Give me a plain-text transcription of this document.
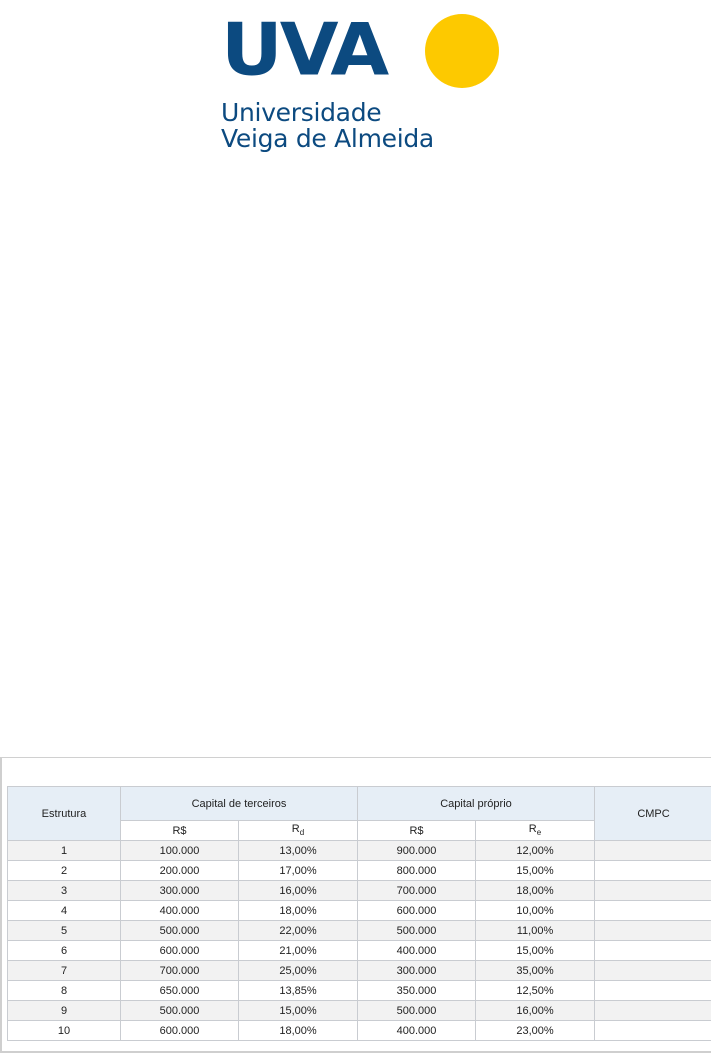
UVA
Universidade
Veiga de Almeida
Estrutura	Capital de terceiros		Capital próprio		CMPC
	R$	$R_d$	R$	$R_e$
1	100.000	13,00%	900.000	12,00%	
2	200.000	17,00%	800.000	15,00%	
3	300.000	16,00%	700.000	18,00%	
4	400.000	18,00%	600.000	10,00%	
5	500.000	22,00%	500.000	11,00%	
6	600.000	21,00%	400.000	15,00%	
7	700.000	25,00%	300.000	35,00%	
8	650.000	13,85%	350.000	12,50%	
9	500.000	15,00%	500.000	16,00%	
10	600.000	18,00%	400.000	23,00%	
